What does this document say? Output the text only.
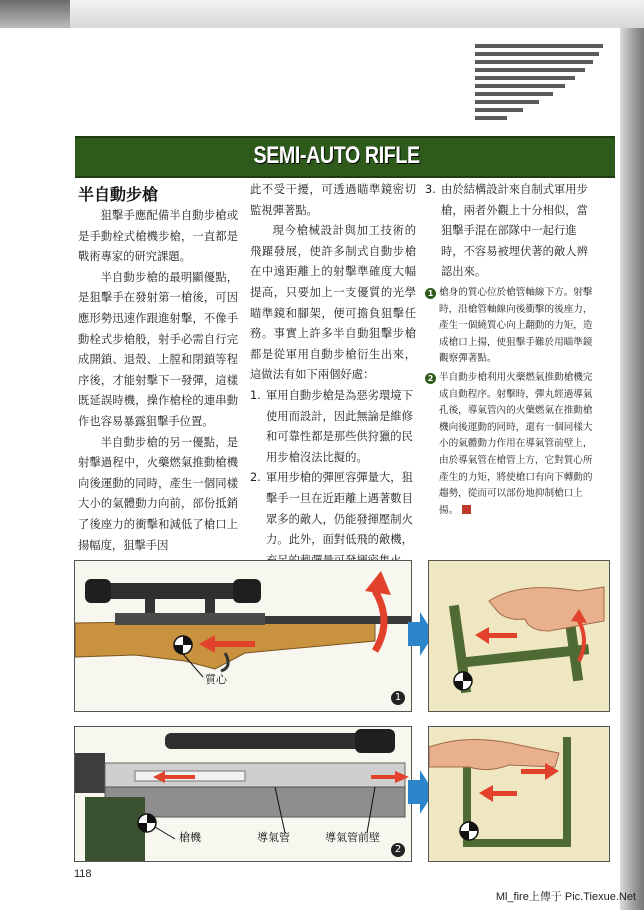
SEMI-AUTO RIFLE
半自動步槍

狙擊手應配備半自動步槍或是手動栓式槍機步槍，一直都是戰術專家的研究課題。

半自動步槍的最明顯優點，是狙擊手在發射第一槍後，可因應形勢迅速作跟進射擊，不像手動栓式步槍般，射手必需自行完成開鎖、退殼、上膛和閉鎖等程序後，才能射擊下一發彈，這樣既延誤時機，操作槍栓的連串動作也容易暴露狙擊手位置。

半自動步槍的另一優點，是射擊過程中，火藥燃氣推動槍機向後運動的同時，產生一個同樣大小的氣體動力向前，部份抵銷了後座力的衝擊和減低了槍口上揚幅度，狙擊手因

此不受干擾，可透過瞄準鏡密切監視彈著點。

現今槍械設計與加工技術的飛躍發展，使許多制式自動步槍在中遠距離上的射擊準確度大幅提高，只要加上一支優質的光學瞄準鏡和腳架，便可擔負狙擊任務。事實上許多半自動狙擊步槍都是從軍用自動步槍衍生出來，這做法有如下兩個好處：

1. 軍用自動步槍是為惡劣環境下使用而設計，因此無論是維修和可靠性都是那些供狩獵的民用步槍沒法比擬的。
2. 軍用步槍的彈匣容彈量大，狙擊手一旦在近距離上遇著數目眾多的敵人，仍能發揮壓制火力。此外，面對低飛的敵機，
3. 由於結構設計來自制式軍用步槍，兩者外觀上十分相似，當狙擊手混在部隊中一起行進時，不容易被埋伏著的敵人辨認出來。
1 槍身的質心位於槍管軸線下方。射擊時，沿槍管軸線向後衝擊的後座力，產生一個繞質心向上翻動的力矩，造成槍口上揚，使狙擊手難於用瞄準鏡觀察彈著點。
2 半自動步槍利用火藥燃氣推動槍機完成自動程序。射擊時，彈丸經過導氣孔後，導氣管內的火藥燃氣在推動槍機向後運動的同時，還有一個同樣大小的氣體動力作用在導氣管前壁上，由於導氣管在槍管上方，它對質心所產生的力矩，將使槍口有向下轉動的趨勢，從而可以部份地抑制槍口上揚。
質心
1
槍機	導氣管	導氣管前壁
2
118
Ml_fire上傳于 Pic.Tiexue.Net
